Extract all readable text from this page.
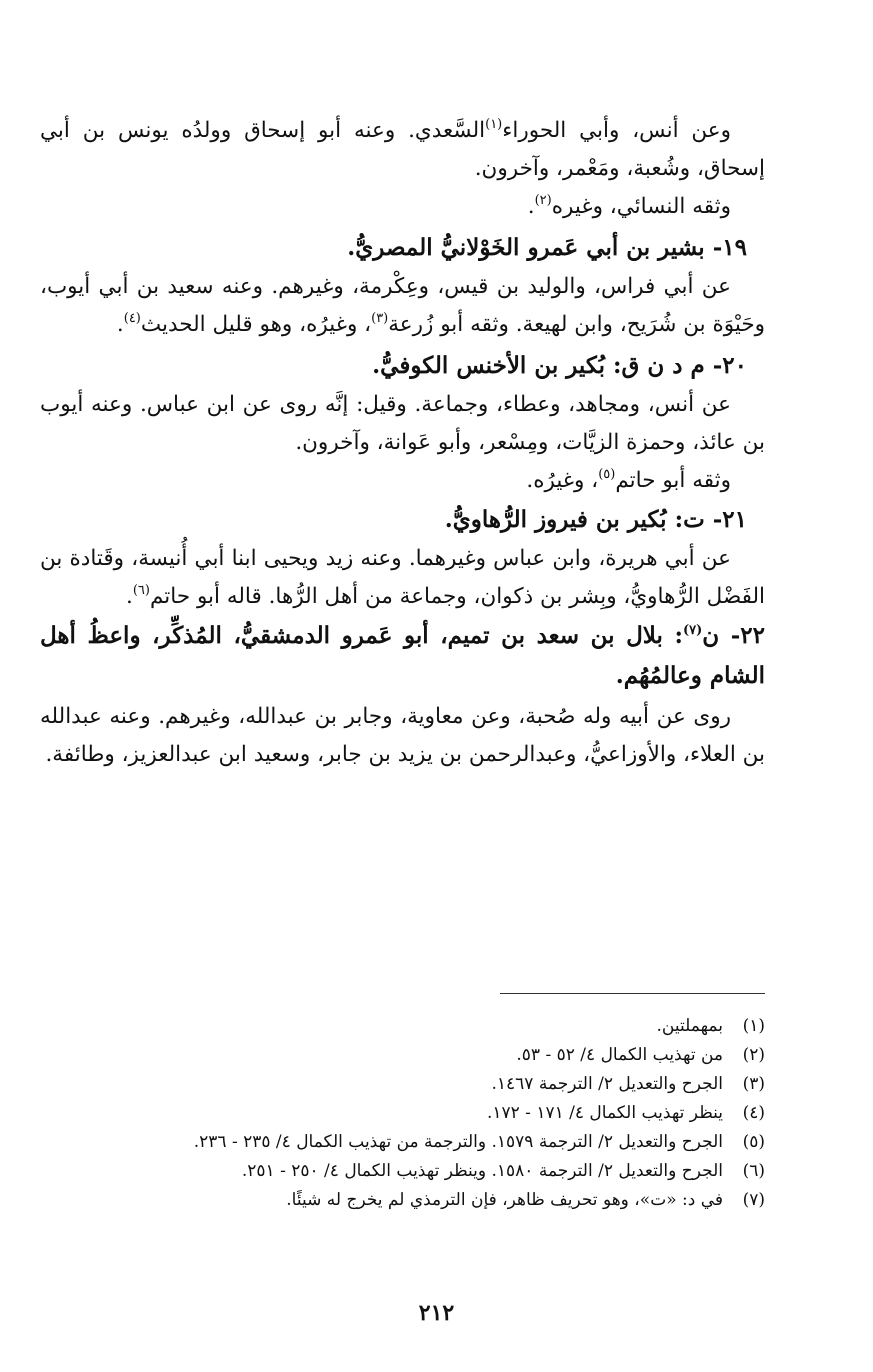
وعن أنس، وأبي الحوراء$^{(١)}$السَّعدي. وعنه أبو إسحاق وولدُه يونس بن أبي إسحاق، وشُعبة، ومَعْمر، وآخرون.

وثقه النسائي، وغيره$^{(٢)}$.

١٩- بشير بن أبي عَمرو الخَوْلانيُّ المصريُّ.

عن أبي فراس، والوليد بن قيس، وعِكْرمة، وغيرهم. وعنه سعيد بن أبي أيوب، وحَيْوَة بن شُرَيح، وابن لهيعة. وثقه أبو زُرعة$^{(٣)}$، وغيرُه، وهو قليل الحديث$^{(٤)}$.

٢٠- م د ن ق: بُكير بن الأخنس الكوفيُّ.

عن أنس، ومجاهد، وعطاء، وجماعة. وقيل: إنَّه روى عن ابن عباس. وعنه أيوب بن عائذ، وحمزة الزيَّات، ومِسْعر، وأبو عَوانة، وآخرون.

وثقه أبو حاتم$^{(٥)}$، وغيرُه.

٢١- ت: بُكير بن فيروز الرُّهاويُّ.

عن أبي هريرة، وابن عباس وغيرهما. وعنه زيد ويحيى ابنا أبي أُنيسة، وقَتادة بن الفَضْل الرُّهاويُّ، وبِشر بن ذكوان، وجماعة من أهل الرُّها. قاله أبو حاتم$^{(٦)}$.

٢٢- ن$^{(٧)}$: بلال بن سعد بن تميم، أبو عَمرو الدمشقيُّ، المُذكِّر، واعظُ أهل الشام وعالمُهُم.

روى عن أبيه وله صُحبة، وعن معاوية، وجابر بن عبدالله، وغيرهم. وعنه عبدالله بن العلاء، والأوزاعيُّ، وعبدالرحمن بن يزيد بن جابر، وسعيد ابن عبدالعزيز، وطائفة.

(١)
بمهملتين.
(٢)
من تهذيب الكمال ٤/ ٥٢ - ٥٣.
(٣)
الجرح والتعديل ٢/ الترجمة ١٤٦٧.
(٤)
ينظر تهذيب الكمال ٤/ ١٧١ - ١٧٢.
(٥)
الجرح والتعديل ٢/ الترجمة ١٥٧٩. والترجمة من تهذيب الكمال ٤/ ٢٣٥ - ٢٣٦.
(٦)
الجرح والتعديل ٢/ الترجمة ١٥٨٠. وينظر تهذيب الكمال ٤/ ٢٥٠ - ٢٥١.
(٧)
في د: «ت»، وهو تحريف ظاهر، فإن الترمذي لم يخرج له شيئًا.
٢١٢
